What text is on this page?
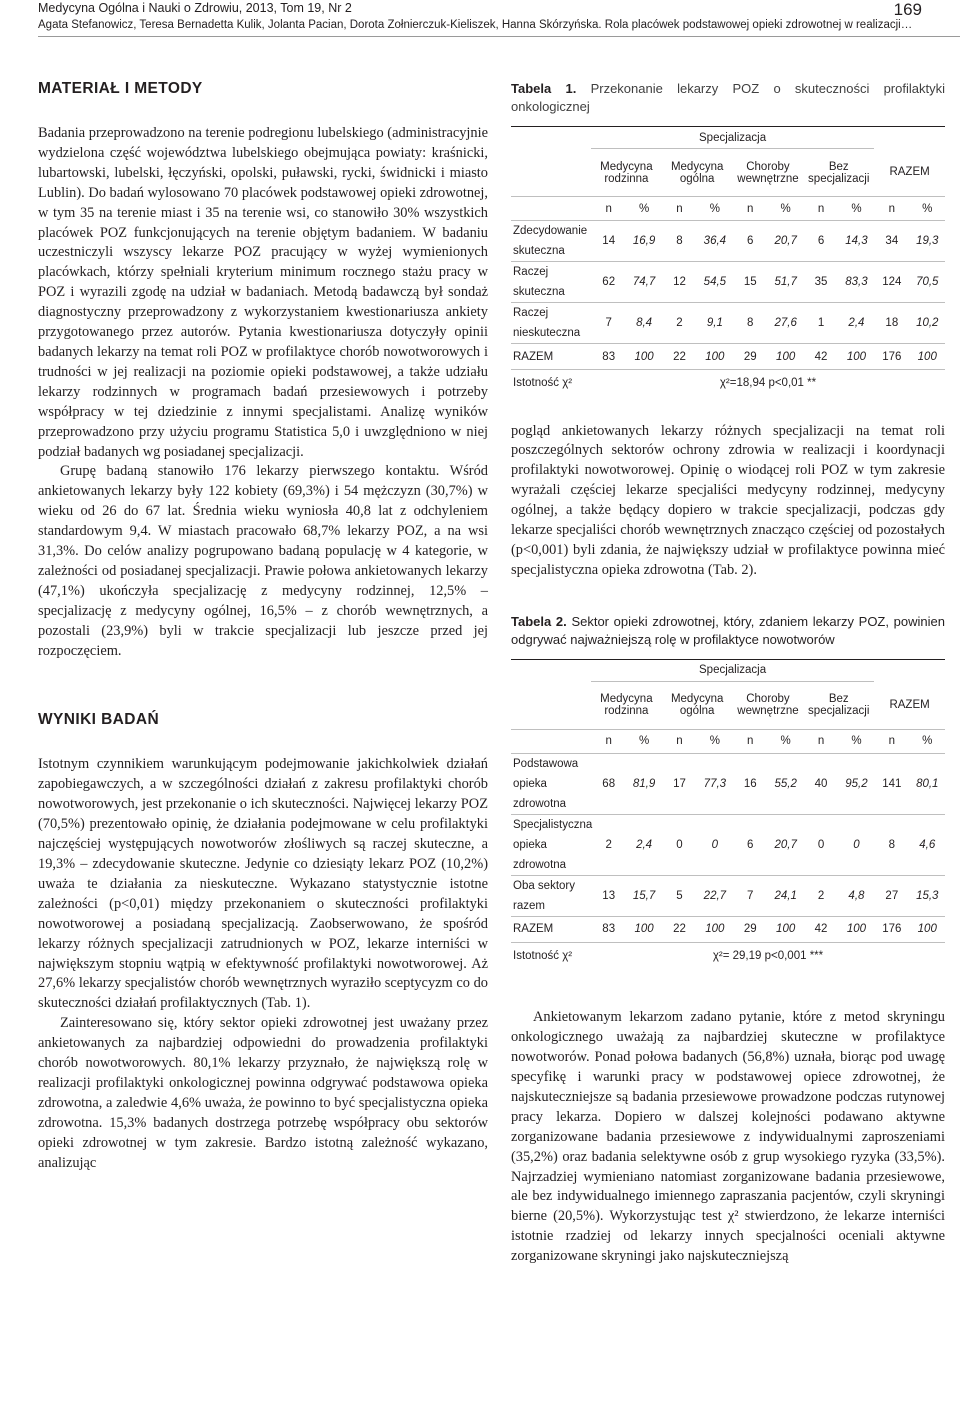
Medycyna Ogólna i Nauki o Zdrowiu, 2013, Tom 19, Nr 2
Agata Stefanowicz, Teresa Bernadetta Kulik, Jolanta Pacian, Dorota Żołnierczuk-Kieliszek, Hanna Skórzyńska. Rola placówek podstawowej opieki zdrowotnej w realizacji…
169
MATERIAŁ I METODY

Badania przeprowadzono na terenie podregionu lubelskiego (administracyjnie wydzielona część województwa lubelskiego obejmująca powiaty: kraśnicki, lubartowski, lubelski, łęczyński, opolski, puławski, rycki, świdnicki i miasto Lublin). Do badań wylosowano 70 placówek podstawowej opieki zdrowotnej, w tym 35 na terenie miast i 35 na terenie wsi, co stanowiło 30% wszystkich placówek POZ funkcjonujących na terenie objętym badaniem. W badaniu uczestniczyli wszyscy lekarze POZ pracujący w wyżej wymienionych placówkach, którzy spełniali kryterium minimum rocznego stażu pracy w POZ i wyrazili zgodę na udział w badaniach. Metodą badawczą był sondaż diagnostyczny przeprowadzony z wykorzystaniem kwestionariusza ankiety przygotowanego przez autorów. Pytania kwestionariusza dotyczyły opinii badanych lekarzy na temat roli POZ w profilaktyce chorób nowotworowych i trudności w jej realizacji na poziomie opieki podstawowej, a także udziału lekarzy rodzinnych w programach badań przesiewowych i potrzeby współpracy w tej dziedzinie z innymi specjalistami. Analizę wyników przeprowadzono przy użyciu programu Statistica 5,0 i uwzględniono w niej podział badanych wg posiadanej specjalizacji.

Grupę badaną stanowiło 176 lekarzy pierwszego kontaktu. Wśród ankietowanych lekarzy były 122 kobiety (69,3%) i 54 mężczyzn (30,7%) w wieku od 26 do 67 lat. Średnia wieku wyniosła 40,8 lat z odchyleniem standardowym 9,4. W miastach pracowało 68,7% lekarzy POZ, a na wsi 31,3%. Do celów analizy pogrupowano badaną populację w 4 kategorie, w zależności od posiadanej specjalizacji. Prawie połowa ankietowanych lekarzy (47,1%) ukończyła specjalizację z medycyny rodzinnej, 12,5% – specjalizację z medycyny ogólnej, 16,5% – z chorób wewnętrznych, a pozostali (23,9%) byli w trakcie specjalizacji lub jeszcze przed jej rozpoczęciem.

WYNIKI BADAŃ

Istotnym czynnikiem warunkującym podejmowanie jakichkolwiek działań zapobiegawczych, a w szczególności działań z zakresu profilaktyki chorób nowotworowych, jest przekonanie o ich skuteczności. Najwięcej lekarzy POZ (70,5%) prezentowało opinię, że działania podejmowane w celu profilaktyki najczęściej występujących nowotworów złośliwych są raczej skuteczne, a 19,3% – zdecydowanie skuteczne. Jedynie co dziesiąty lekarz POZ (10,2%) uważa te działania za nieskuteczne. Wykazano statystycznie istotne zależności (p<0,01) między przekonaniem o skuteczności profilaktyki nowotworowej a posiadaną specjalizacją. Zaobserwowano, że spośród lekarzy różnych specjalizacji zatrudnionych w POZ, lekarze interniści w największym stopniu wątpią w efektywność profilaktyki nowotworowej. Aż 27,6% lekarzy specjalistów chorób wewnętrznych wyraziło sceptycyzm co do skuteczności działań profilaktycznych (Tab. 1).

Zainteresowano się, który sektor opieki zdrowotnej jest uważany przez ankietowanych za najbardziej odpowiedni do prowadzenia profilaktyki chorób nowotworowych. 80,1% lekarzy przyznało, że największą rolę w realizacji profilaktyki onkologicznej powinna odgrywać podstawowa opieka zdrowotna, a zaledwie 4,6% uważa, że powinno to być specjalistyczna opieka zdrowotna. 15,3% badanych dostrzega potrzebę współpracy obu sektorów opieki zdrowotnej w tym zakresie. Bardzo istotną zależność wykazano, analizując

Tabela 1. Przekonanie lekarzy POZ o skuteczności profilaktyki onkologicznej
	Specjalizacja									
	Medycyna rodzinna		Medycyna ogólna		Choroby wewnętrzne		Bez specjalizacji		RAZEM	
	n	%	n	%	n	%	n	%	n	%
Zdecydowanie skuteczna	14	16,9	8	36,4	6	20,7	6	14,3	34	19,3
Raczej skuteczna	62	74,7	12	54,5	15	51,7	35	83,3	124	70,5
Raczej nieskuteczna	7	8,4	2	9,1	8	27,6	1	2,4	18	10,2
RAZEM	83	100	22	100	29	100	42	100	176	100
Istotność χ²	χ²=18,94 p<0,01 **									

pogląd ankietowanych lekarzy różnych specjalizacji na temat roli poszczególnych sektorów ochrony zdrowia w realizacji i koordynacji profilaktyki nowotworowej. Opinię o wiodącej roli POZ w tym zakresie wyrażali częściej lekarze specjaliści medycyny rodzinnej, medycyny ogólnej, a także będący dopiero w trakcie specjalizacji, podczas gdy lekarze specjaliści chorób wewnętrznych znacząco częściej od pozostałych (p<0,001) byli zdania, że największy udział w profilaktyce powinna mieć specjalistyczna opieka zdrowotna (Tab. 2).

Tabela 2. Sektor opieki zdrowotnej, który, zdaniem lekarzy POZ, powinien odgrywać najważniejszą rolę w profilaktyce nowotworów
	Specjalizacja									
	Medycyna rodzinna		Medycyna ogólna		Choroby wewnętrzne		Bez specjalizacji		RAZEM	
	n	%	n	%	n	%	n	%	n	%
Podstawowa opieka zdrowotna	68	81,9	17	77,3	16	55,2	40	95,2	141	80,1
Specjalistyczna opieka zdrowotna	2	2,4	0	0	6	20,7	0	0	8	4,6
Oba sektory razem	13	15,7	5	22,7	7	24,1	2	4,8	27	15,3
RAZEM	83	100	22	100	29	100	42	100	176	100
Istotność χ²	χ²= 29,19 p<0,001 ***									

Ankietowanym lekarzom zadano pytanie, które z metod skryningu onkologicznego uważają za najbardziej skuteczne w profilaktyce nowotworów. Ponad połowa badanych (56,8%) uznała, biorąc pod uwagę specyfikę i warunki pracy w podstawowej opiece zdrowotnej, że najskuteczniejsze są badania przesiewowe prowadzone podczas rutynowej pracy lekarza. Dopiero w dalszej kolejności podawano aktywne zorganizowane badania przesiewowe z indywidualnymi zaproszeniami (35,2%) oraz badania selektywne osób z grup wysokiego ryzyka (33,5%). Najrzadziej wymieniano natomiast zorganizowane badania przesiewowe, ale bez indywidualnego imiennego zapraszania pacjentów, czyli skryningi bierne (20,5%). Wykorzystując test χ² stwierdzono, że lekarze interniści istotnie rzadziej od lekarzy innych specjalności oceniali aktywne zorganizowane skryningi jako najskuteczniejszą
